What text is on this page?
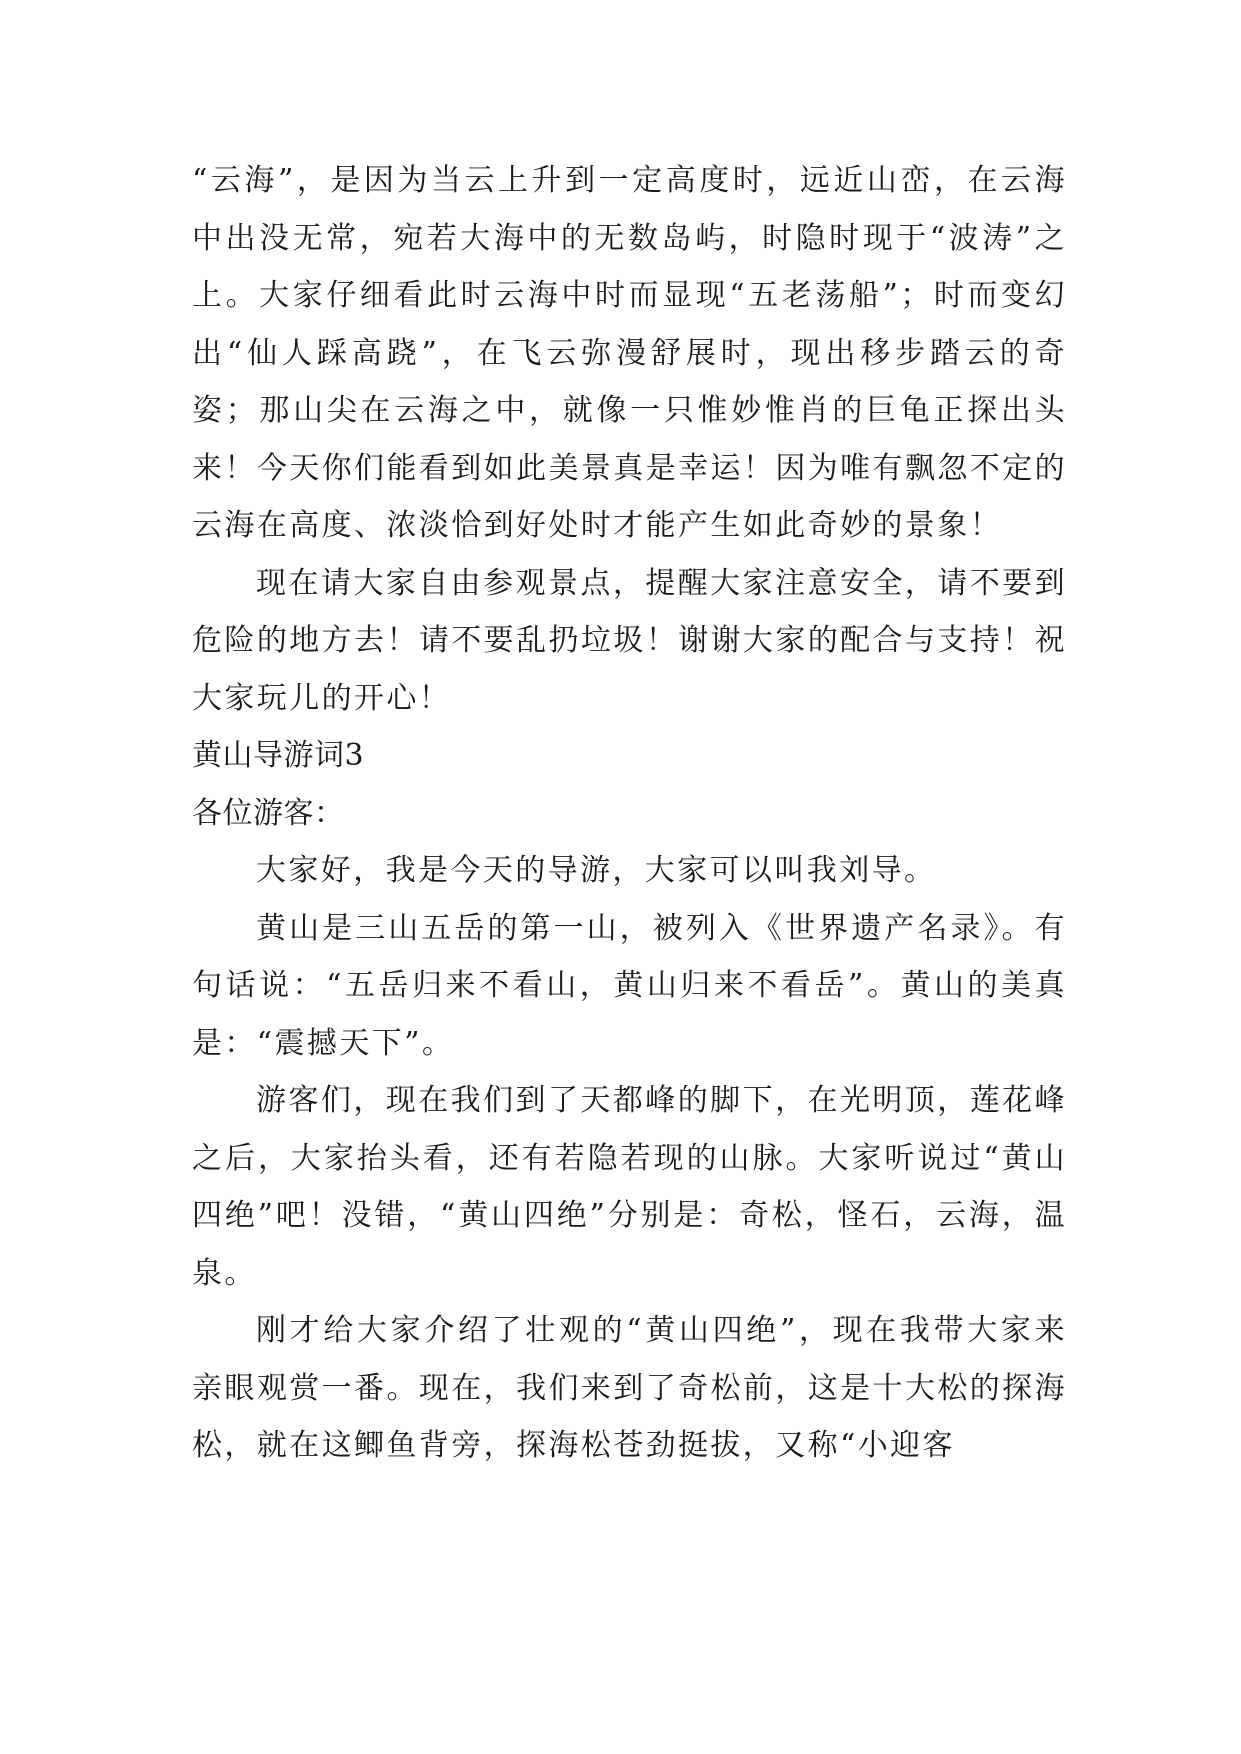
“云海”，是因为当云上升到一定高度时，远近山峦，在云海中出没无常，宛若大海中的无数岛屿，时隐时现于“波涛”之上。大家仔细看此时云海中时而显现“五老荡船”；时而变幻出“仙人踩高跷”，在飞云弥漫舒展时，现出移步踏云的奇姿；那山尖在云海之中，就像一只惟妙惟肖的巨龟正探出头来！今天你们能看到如此美景真是幸运！因为唯有飘忽不定的云海在高度、浓淡恰到好处时才能产生如此奇妙的景象！

现在请大家自由参观景点，提醒大家注意安全，请不要到危险的地方去！请不要乱扔垃圾！谢谢大家的配合与支持！祝大家玩儿的开心！

黄山导游词3

各位游客：

大家好，我是今天的导游，大家可以叫我刘导。

黄山是三山五岳的第一山，被列入《世界遗产名录》。有句话说：“五岳归来不看山，黄山归来不看岳”。黄山的美真是：“震撼天下”。

游客们，现在我们到了天都峰的脚下，在光明顶，莲花峰之后，大家抬头看，还有若隐若现的山脉。大家听说过“黄山四绝”吧！没错，“黄山四绝”分别是：奇松，怪石，云海，温泉。

刚才给大家介绍了壮观的“黄山四绝”，现在我带大家来亲眼观赏一番。现在，我们来到了奇松前，这是十大松的探海松，就在这鲫鱼背旁，探海松苍劲挺拔，又称“小迎客
